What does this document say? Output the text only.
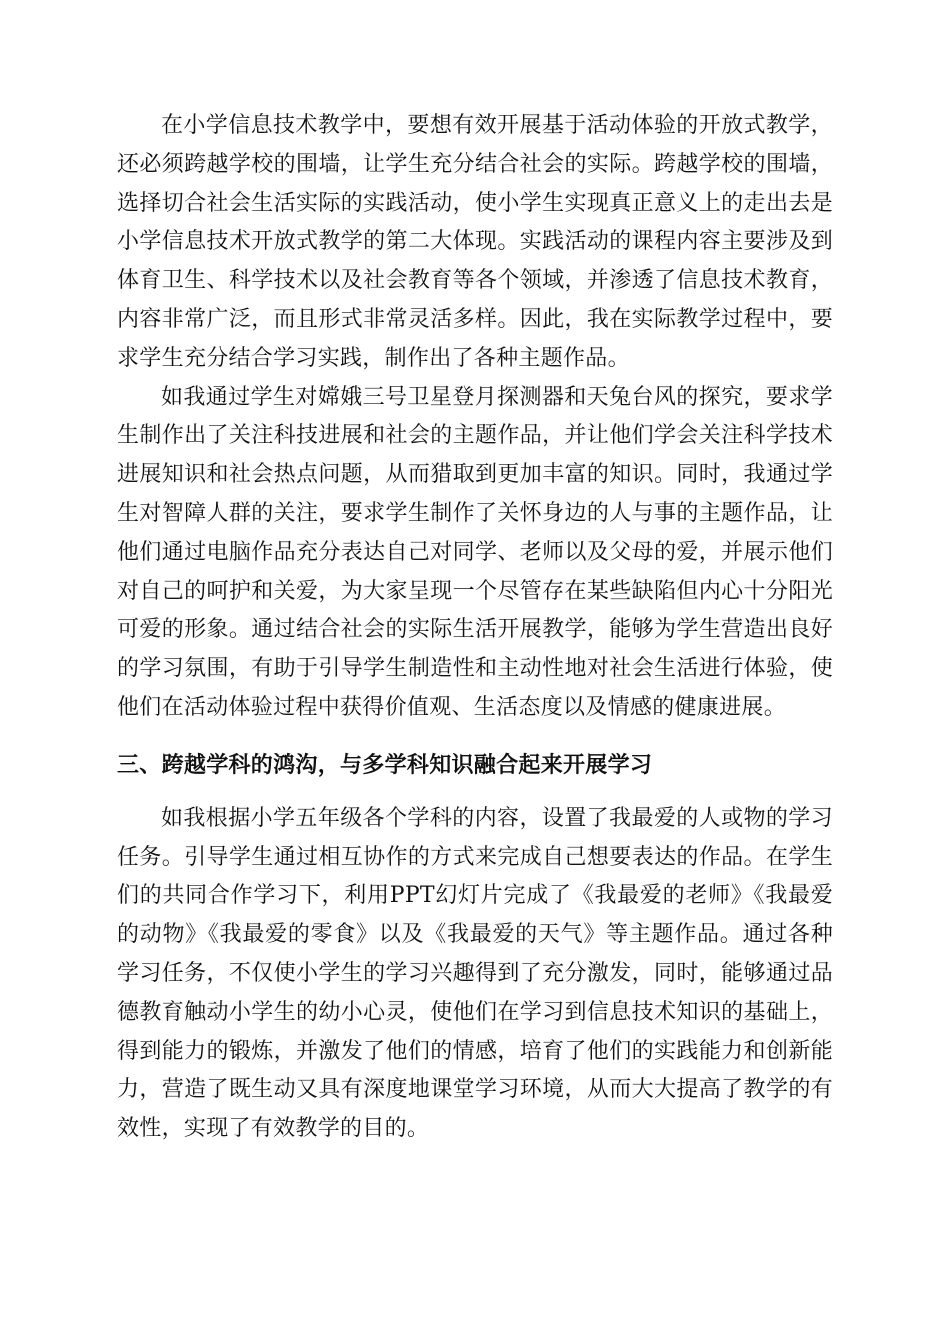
在小学信息技术教学中，要想有效开展基于活动体验的开放式教学，还必须跨越学校的围墙，让学生充分结合社会的实际。跨越学校的围墙，选择切合社会生活实际的实践活动，使小学生实现真正意义上的走出去是小学信息技术开放式教学的第二大体现。实践活动的课程内容主要涉及到体育卫生、科学技术以及社会教育等各个领域，并渗透了信息技术教育，内容非常广泛，而且形式非常灵活多样。因此，我在实际教学过程中，要求学生充分结合学习实践，制作出了各种主题作品。

如我通过学生对嫦娥三号卫星登月探测器和天兔台风的探究，要求学生制作出了关注科技进展和社会的主题作品，并让他们学会关注科学技术进展知识和社会热点问题，从而猎取到更加丰富的知识。同时，我通过学生对智障人群的关注，要求学生制作了关怀身边的人与事的主题作品，让他们通过电脑作品充分表达自己对同学、老师以及父母的爱，并展示他们对自己的呵护和关爱，为大家呈现一个尽管存在某些缺陷但内心十分阳光可爱的形象。通过结合社会的实际生活开展教学，能够为学生营造出良好的学习氛围，有助于引导学生制造性和主动性地对社会生活进行体验，使他们在活动体验过程中获得价值观、生活态度以及情感的健康进展。

三、跨越学科的鸿沟，与多学科知识融合起来开展学习

如我根据小学五年级各个学科的内容，设置了我最爱的人或物的学习任务。引导学生通过相互协作的方式来完成自己想要表达的作品。在学生们的共同合作学习下，利用PPT幻灯片完成了《我最爱的老师》《我最爱的动物》《我最爱的零食》以及《我最爱的天气》等主题作品。通过各种学习任务，不仅使小学生的学习兴趣得到了充分激发，同时，能够通过品德教育触动小学生的幼小心灵，使他们在学习到信息技术知识的基础上，得到能力的锻炼，并激发了他们的情感，培育了他们的实践能力和创新能力，营造了既生动又具有深度地课堂学习环境，从而大大提高了教学的有效性，实现了有效教学的目的。
